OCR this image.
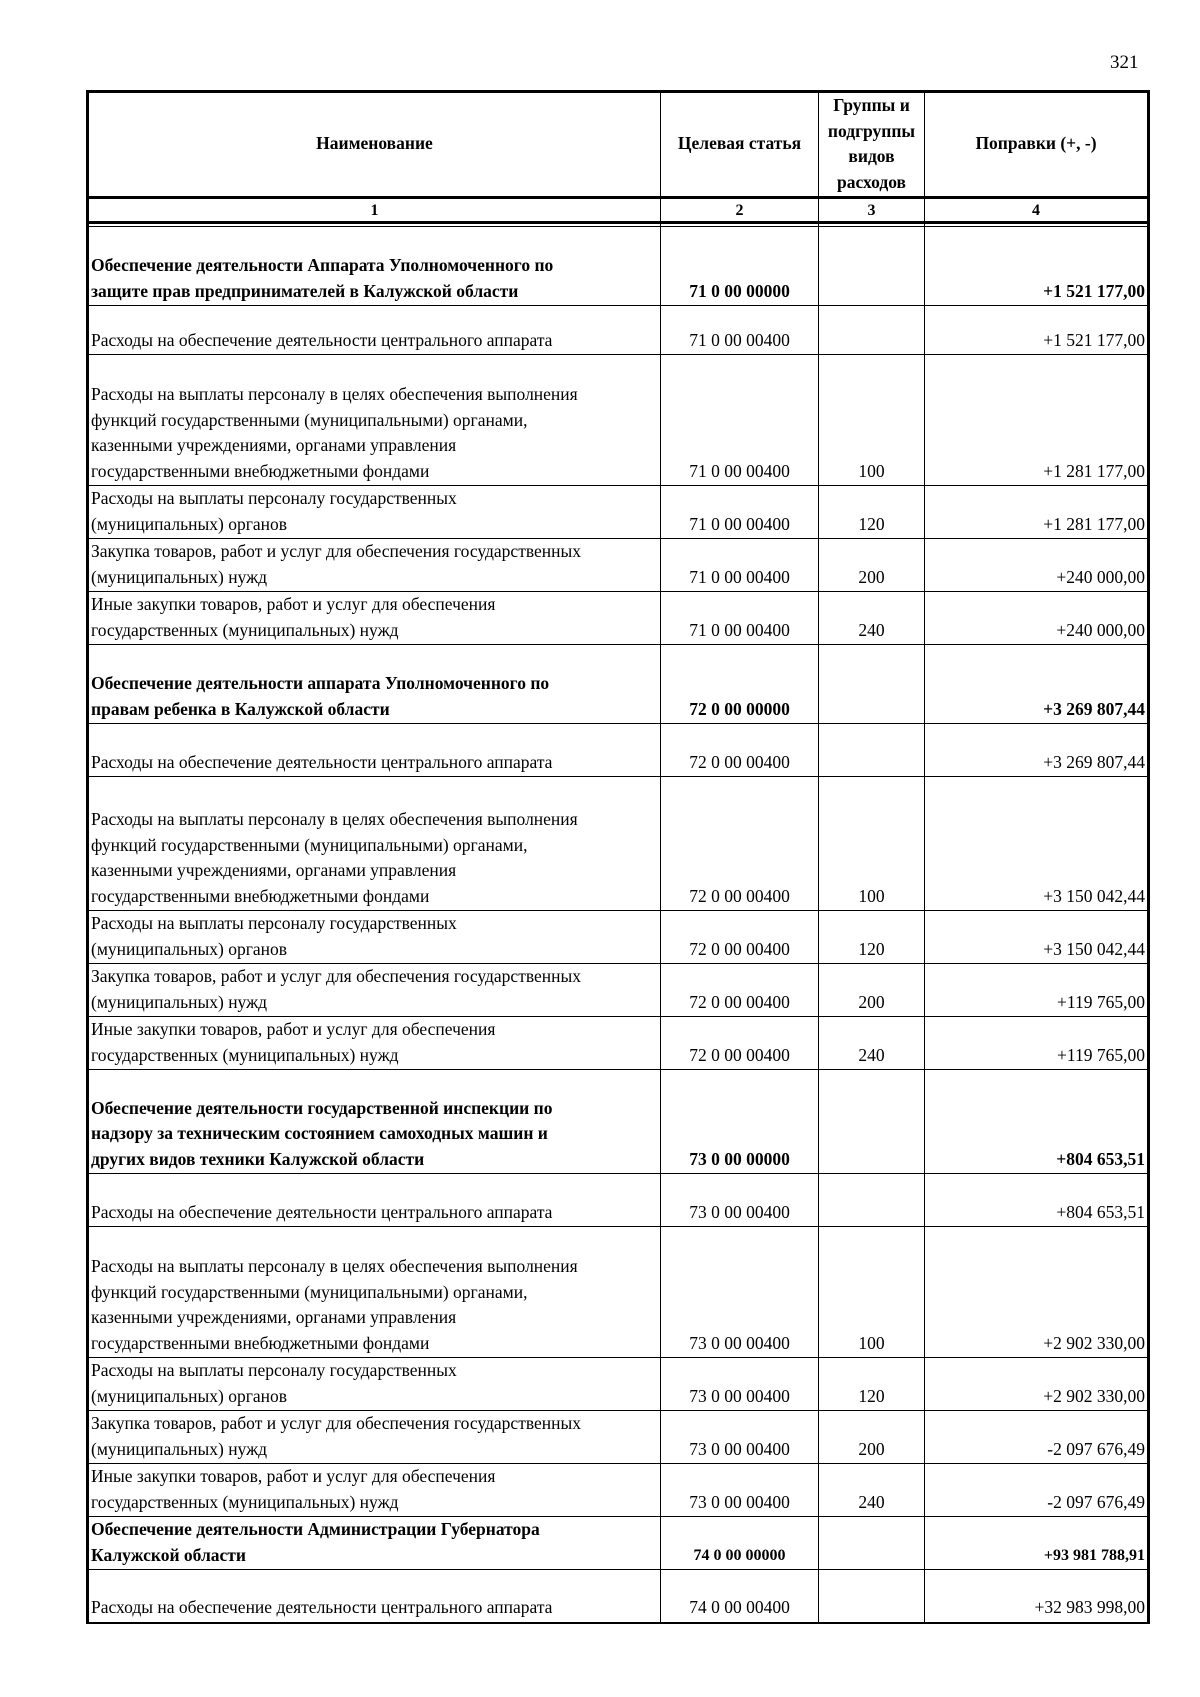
321
Наименование	Целевая статья	Группы и подгруппы видов расходов	Поправки (+, -)
1	2	3	4

Обеспечение деятельности Аппарата Уполномоченного по
защите прав предпринимателей в Калужской области	71 0 00 00000		+1 521 177,00
Расходы на обеспечение деятельности центрального аппарата	71 0 00 00400		+1 521 177,00
Расходы на выплаты персоналу в целях обеспечения выполнения
функций государственными (муниципальными) органами,
казенными учреждениями, органами управления
государственными внебюджетными фондами	71 0 00 00400	100	+1 281 177,00
Расходы на выплаты персоналу государственных
(муниципальных) органов	71 0 00 00400	120	+1 281 177,00
Закупка товаров, работ и услуг для обеспечения государственных
(муниципальных) нужд	71 0 00 00400	200	+240 000,00
Иные закупки товаров, работ и услуг для обеспечения
государственных (муниципальных) нужд	71 0 00 00400	240	+240 000,00
Обеспечение деятельности аппарата Уполномоченного по
правам ребенка в Калужской области	72 0 00 00000		+3 269 807,44
Расходы на обеспечение деятельности центрального аппарата	72 0 00 00400		+3 269 807,44
Расходы на выплаты персоналу в целях обеспечения выполнения
функций государственными (муниципальными) органами,
казенными учреждениями, органами управления
государственными внебюджетными фондами	72 0 00 00400	100	+3 150 042,44
Расходы на выплаты персоналу государственных
(муниципальных) органов	72 0 00 00400	120	+3 150 042,44
Закупка товаров, работ и услуг для обеспечения государственных
(муниципальных) нужд	72 0 00 00400	200	+119 765,00
Иные закупки товаров, работ и услуг для обеспечения
государственных (муниципальных) нужд	72 0 00 00400	240	+119 765,00
Обеспечение деятельности государственной инспекции по
надзору за техническим состоянием самоходных машин и
других видов техники Калужской области	73 0 00 00000		+804 653,51
Расходы на обеспечение деятельности центрального аппарата	73 0 00 00400		+804 653,51
Расходы на выплаты персоналу в целях обеспечения выполнения
функций государственными (муниципальными) органами,
казенными учреждениями, органами управления
государственными внебюджетными фондами	73 0 00 00400	100	+2 902 330,00
Расходы на выплаты персоналу государственных
(муниципальных) органов	73 0 00 00400	120	+2 902 330,00
Закупка товаров, работ и услуг для обеспечения государственных
(муниципальных) нужд	73 0 00 00400	200	-2 097 676,49
Иные закупки товаров, работ и услуг для обеспечения
государственных (муниципальных) нужд	73 0 00 00400	240	-2 097 676,49
Обеспечение деятельности Администрации Губернатора
Калужской области	74 0 00 00000		+93 981 788,91
Расходы на обеспечение деятельности центрального аппарата	74 0 00 00400		+32 983 998,00
